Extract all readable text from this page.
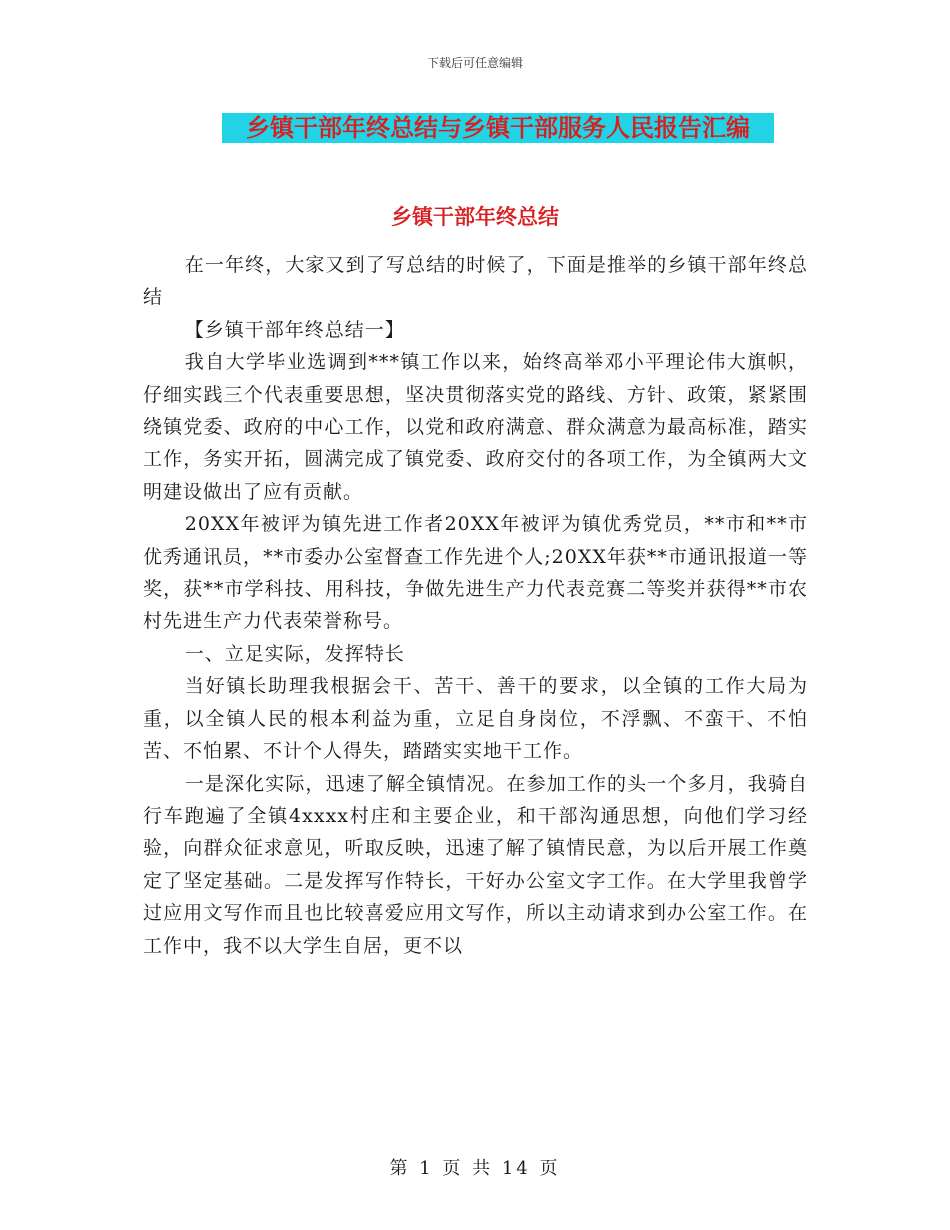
下载后可任意编辑
乡镇干部年终总结与乡镇干部服务人民报告汇编
乡镇干部年终总结

在一年终，大家又到了写总结的时候了，下面是推举的乡镇干部年终总结

【乡镇干部年终总结一】

我自大学毕业选调到***镇工作以来，始终高举邓小平理论伟大旗帜，仔细实践三个代表重要思想，坚决贯彻落实党的路线、方针、政策，紧紧围绕镇党委、政府的中心工作，以党和政府满意、群众满意为最高标准，踏实工作，务实开拓，圆满完成了镇党委、政府交付的各项工作，为全镇两大文明建设做出了应有贡献。

20XX年被评为镇先进工作者20XX年被评为镇优秀党员，**市和**市优秀通讯员，**市委办公室督查工作先进个人;20XX年获**市通讯报道一等奖，获**市学科技、用科技，争做先进生产力代表竞赛二等奖并获得**市农村先进生产力代表荣誉称号。

一、立足实际，发挥特长

当好镇长助理我根据会干、苦干、善干的要求，以全镇的工作大局为重，以全镇人民的根本利益为重，立足自身岗位，不浮飘、不蛮干、不怕苦、不怕累、不计个人得失，踏踏实实地干工作。

一是深化实际，迅速了解全镇情况。在参加工作的头一个多月，我骑自行车跑遍了全镇4xxxx村庄和主要企业，和干部沟通思想，向他们学习经验，向群众征求意见，听取反映，迅速了解了镇情民意，为以后开展工作奠定了坚定基础。二是发挥写作特长，干好办公室文字工作。在大学里我曾学过应用文写作而且也比较喜爱应用文写作，所以主动请求到办公室工作。在工作中，我不以大学生自居，更不以

第 1 页 共 14 页
